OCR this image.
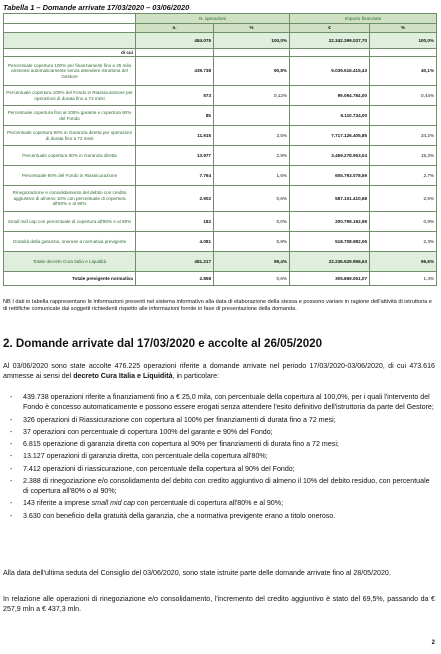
Tabella 1 – Domande arrivate 17/03/2020 – 03/06/2020
	N. operazioni		Importo finanziato	
	n.	%	€	%
	484.075	100,0%	22.342.399.037,70	100,0%
di cui				
Percentuale copertura 100% per finanziamenti fino a 25 mila ammessi automaticamente senza attendere istruttoria del Gestore	439.738	90,8%	9.039.516.415,43	40,1%
Percentuale copertura 100% del Fondo in Riassicurazione per operazioni di durata fino a 72 mesi	573	0,12%	99.094.784,00	0,44%
Percentuale copertura fino al 100% garante e copertura 90% del Fondo	85		9.110.734,00	
Percentuale copertura 90% in Garanzia diretta per operazioni di durata fino a 72 mesi	11.915	2,5%	7.717.126.405,85	34,2%
Percentuale copertura 80% in Garanzia diretta	13.977	2,9%	3.459.278.953,04	15,3%
Percentuale 90% del Fondo in Riassicurazione	7.764	1,6%	605.793.078,59	2,7%
Rinegoziazione e consolidamento del debito con credito aggiuntivo di almeno 10% con percentuale di copertura all'80% e al 90%	2.902	0,6%	587.101.410,68	2,6%
Small mid cap con percentuale di copertura all'80% e al 90%	182	0,0%	200.799.192,99	0,9%
Gratuità della garanzia, onerose a normativa previgente	4.081	0,8%	518.708.982,06	2,3%
Totale decreto Cura Italia e Liquidità	481.217	99,4%	22.236.529.956,63	99,6%
Totale previgente normativa	2.858	0,6%	305.869.051,07	1,4%
NB I dati in tabella rappresentano le informazioni presenti nel sistema informativo alla data di elaborazione della stessa e possono variare in ragione dell'attività di istruttoria e di rettifiche comunicate dai soggetti richiedenti rispetto alle informazioni fornite in fase di presentazione della domanda.
2. Domande arrivate dal 17/03/2020 e accolte al 26/05/2020
Al 03/06/2020 sono state accolte 476.225 operazioni riferite a domande arrivate nel periodo 17/03/2020-03/06/2020, di cui 473.616 ammesse ai sensi del decreto Cura Italia e Liquidità, in particolare:
- 439.738 operazioni riferite a finanziamenti fino a € 25,0 mila, con percentuale della copertura al 100,0%, per i quali l'intervento del Fondo è concesso automaticamente e possono essere erogati senza attendere l'esito definitivo dell'istruttoria da parte del Gestore;
- 326 operazioni di Riassicurazione con copertura al 100% per finanziamenti di durata fino a 72 mesi;
- 37 operazioni con percentuale di copertura 100% del garante e 90% del Fondo;
- 6.815 operazione di garanzia diretta con copertura al 90% per finanziamenti di durata fino a 72 mesi;
- 13.127 operazioni di garanzia diretta, con percentuale della copertura all'80%;
- 7.412 operazioni di riassicurazione, con percentuale della copertura al 90% del Fondo;
- 2.388 di rinegoziazione e/o consolidamento del debito con credito aggiuntivo di almeno il 10% del debito residuo, con percentuale di copertura all'80% o al 90%;
- 143 riferite a imprese small mid cap con percentuale di copertura all'80% e al 90%;
- 3.630 con beneficio della gratuità della garanzia, che a normativa previgente erano a titolo oneroso.
Alla data dell'ultima seduta del Consiglio del 03/06/2020, sono state istruite parte delle domande arrivate fino al 28/05/2020.
In relazione alle operazioni di rinegoziazione e/o consolidamento, l'incremento del credito aggiuntivo è stato del 69,5%, passando da € 257,9 mln a € 437,3 mln.
2
